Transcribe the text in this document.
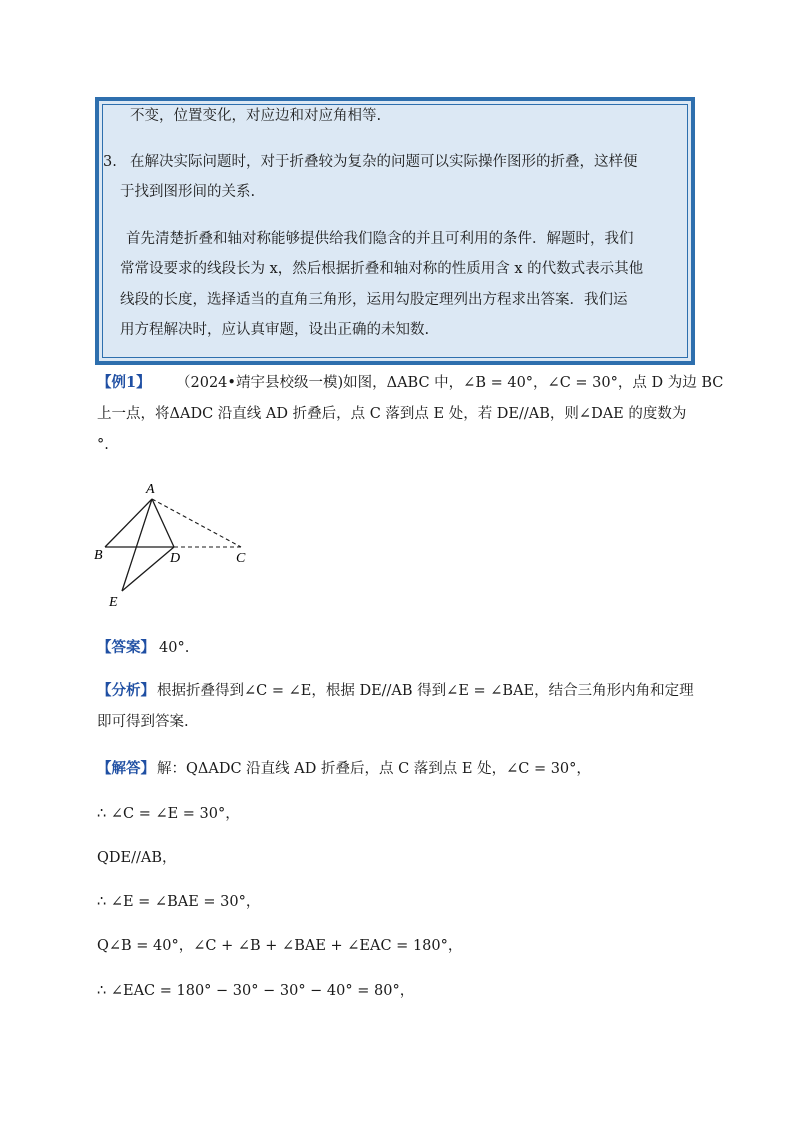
不变，位置变化，对应边和对应角相等.
3. 在解决实际问题时，对于折叠较为复杂的问题可以实际操作图形的折叠，这样便
于找到图形间的关系.
首先清楚折叠和轴对称能够提供给我们隐含的并且可利用的条件．解题时，我们
常常设要求的线段长为 x，然后根据折叠和轴对称的性质用含 x 的代数式表示其他
线段的长度，选择适当的直角三角形，运用勾股定理列出方程求出答案．我们运
用方程解决时，应认真审题，设出正确的未知数.
【例1】 （2024•靖宇县校级一模)如图，ΔABC 中，∠B = 40°，∠C = 30°，点 D 为边 BC
上一点，将ΔADC 沿直线 AD 折叠后，点 C 落到点 E 处，若 DE//AB，则∠DAE 的度数为
°.
A
B	D	C
E
【答案】 40°.
【分析】 根据折叠得到∠C = ∠E，根据 DE//AB 得到∠E = ∠BAE，结合三角形内角和定理
即可得到答案.
【解答】 解：QΔADC 沿直线 AD 折叠后，点 C 落到点 E 处，∠C = 30°，
∴ ∠C = ∠E = 30°，
QDE//AB，
∴ ∠E = ∠BAE = 30°，
Q∠B = 40°，∠C + ∠B + ∠BAE + ∠EAC = 180°，
∴ ∠EAC = 180° − 30° − 30° − 40° = 80°，
